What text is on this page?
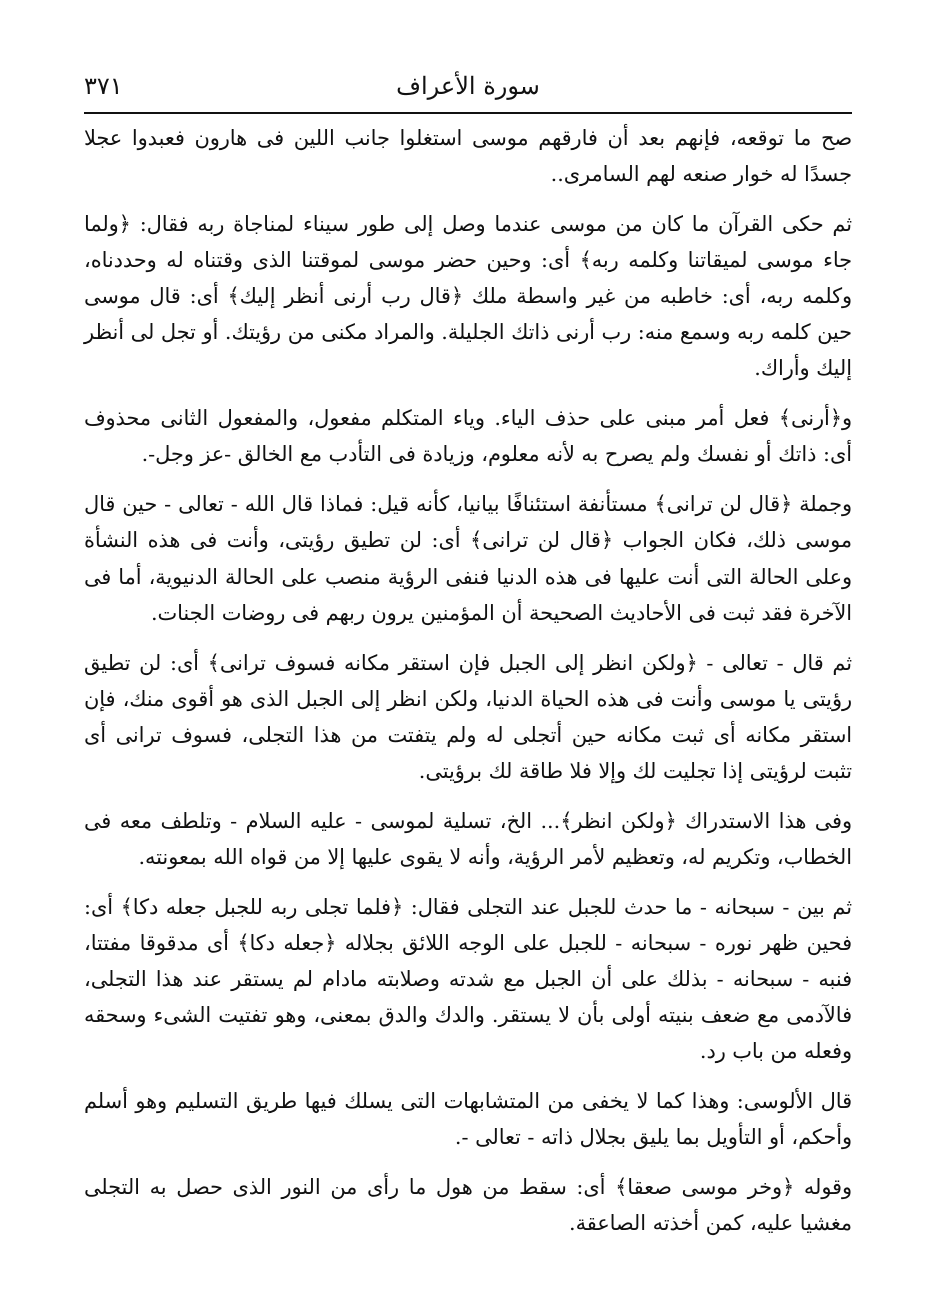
سورة الأعراف
٣٧١

صح ما توقعه، فإنهم بعد أن فارقهم موسى استغلوا جانب اللين فى هارون فعبدوا عجلا جسدًا له خوار صنعه لهم السامرى..

ثم حكى القرآن ما كان من موسى عندما وصل إلى طور سيناء لمناجاة ربه فقال: ﴿ولما جاء موسى لميقاتنا وكلمه ربه﴾ أى: وحين حضر موسى لموقتنا الذى وقتناه له وحددناه، وكلمه ربه، أى: خاطبه من غير واسطة ملك ﴿قال رب أرنى أنظر إليك﴾ أى: قال موسى حين كلمه ربه وسمع منه: رب أرنى ذاتك الجليلة. والمراد مكنى من رؤيتك. أو تجل لى أنظر إليك وأراك.

و﴿أرنى﴾ فعل أمر مبنى على حذف الياء. وياء المتكلم مفعول، والمفعول الثانى محذوف أى: ذاتك أو نفسك ولم يصرح به لأنه معلوم، وزيادة فى التأدب مع الخالق -عز وجل-.

وجملة ﴿قال لن ترانى﴾ مستأنفة استئنافًا بيانيا، كأنه قيل: فماذا قال الله - تعالى - حين قال موسى ذلك، فكان الجواب ﴿قال لن ترانى﴾ أى: لن تطيق رؤيتى، وأنت فى هذه النشأة وعلى الحالة التى أنت عليها فى هذه الدنيا فنفى الرؤية منصب على الحالة الدنيوية، أما فى الآخرة فقد ثبت فى الأحاديث الصحيحة أن المؤمنين يرون ربهم فى روضات الجنات.

ثم قال - تعالى - ﴿ولكن انظر إلى الجبل فإن استقر مكانه فسوف ترانى﴾ أى: لن تطيق رؤيتى يا موسى وأنت فى هذه الحياة الدنيا، ولكن انظر إلى الجبل الذى هو أقوى منك، فإن استقر مكانه أى ثبت مكانه حين أتجلى له ولم يتفتت من هذا التجلى، فسوف ترانى أى تثبت لرؤيتى إذا تجليت لك وإلا فلا طاقة لك برؤيتى.

وفى هذا الاستدراك ﴿ولكن انظر﴾... الخ، تسلية لموسى - عليه السلام - وتلطف معه فى الخطاب، وتكريم له، وتعظيم لأمر الرؤية، وأنه لا يقوى عليها إلا من قواه الله بمعونته.

ثم بين - سبحانه - ما حدث للجبل عند التجلى فقال: ﴿فلما تجلى ربه للجبل جعله دكا﴾ أى: فحين ظهر نوره - سبحانه - للجبل على الوجه اللائق بجلاله ﴿جعله دكا﴾ أى مدقوقا مفتتا، فنبه - سبحانه - بذلك على أن الجبل مع شدته وصلابته مادام لم يستقر عند هذا التجلى، فالآدمى مع ضعف بنيته أولى بأن لا يستقر. والدك والدق بمعنى، وهو تفتيت الشىء وسحقه وفعله من باب رد.

قال الألوسى: وهذا كما لا يخفى من المتشابهات التى يسلك فيها طريق التسليم وهو أسلم وأحكم، أو التأويل بما يليق بجلال ذاته - تعالى -.

وقوله ﴿وخر موسى صعقا﴾ أى: سقط من هول ما رأى من النور الذى حصل به التجلى مغشيا عليه، كمن أخذته الصاعقة.
